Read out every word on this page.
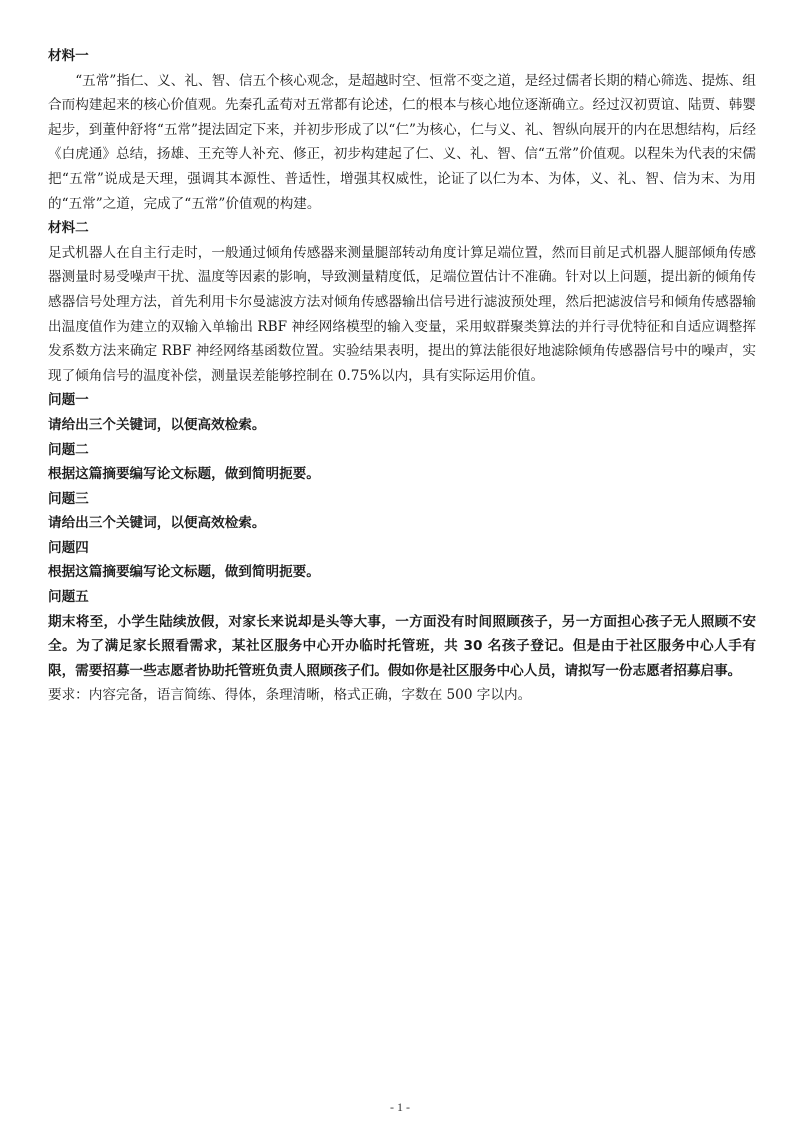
材料一

“五常”指仁、义、礼、智、信五个核心观念，是超越时空、恒常不变之道，是经过儒者长期的精心筛选、提炼、组合而构建起来的核心价值观。先秦孔孟荀对五常都有论述，仁的根本与核心地位逐渐确立。经过汉初贾谊、陆贾、韩婴起步，到董仲舒将“五常”提法固定下来，并初步形成了以“仁”为核心，仁与义、礼、智纵向展开的内在思想结构，后经《白虎通》总结，扬雄、王充等人补充、修正，初步构建起了仁、义、礼、智、信“五常”价值观。以程朱为代表的宋儒把“五常”说成是天理，强调其本源性、普适性，增强其权威性，论证了以仁为本、为体，义、礼、智、信为末、为用的“五常”之道，完成了“五常”价值观的构建。

材料二

足式机器人在自主行走时，一般通过倾角传感器来测量腿部转动角度计算足端位置，然而目前足式机器人腿部倾角传感器测量时易受噪声干扰、温度等因素的影响，导致测量精度低，足端位置估计不准确。针对以上问题，提出新的倾角传感器信号处理方法，首先利用卡尔曼滤波方法对倾角传感器输出信号进行滤波预处理，然后把滤波信号和倾角传感器输出温度值作为建立的双输入单输出 RBF 神经网络模型的输入变量，采用蚁群聚类算法的并行寻优特征和自适应调整挥发系数方法来确定 RBF 神经网络基函数位置。实验结果表明，提出的算法能很好地滤除倾角传感器信号中的噪声，实现了倾角信号的温度补偿，测量误差能够控制在 0.75%以内，具有实际运用价值。

问题一

请给出三个关键词，以便高效检索。

问题二

根据这篇摘要编写论文标题，做到简明扼要。

问题三

请给出三个关键词，以便高效检索。

问题四

根据这篇摘要编写论文标题，做到简明扼要。

问题五

期末将至，小学生陆续放假，对家长来说却是头等大事，一方面没有时间照顾孩子，另一方面担心孩子无人照顾不安全。为了满足家长照看需求，某社区服务中心开办临时托管班，共 30 名孩子登记。但是由于社区服务中心人手有限，需要招募一些志愿者协助托管班负责人照顾孩子们。假如你是社区服务中心人员，请拟写一份志愿者招募启事。

要求：内容完备，语言简练、得体，条理清晰，格式正确，字数在 500 字以内。

- 1 -
